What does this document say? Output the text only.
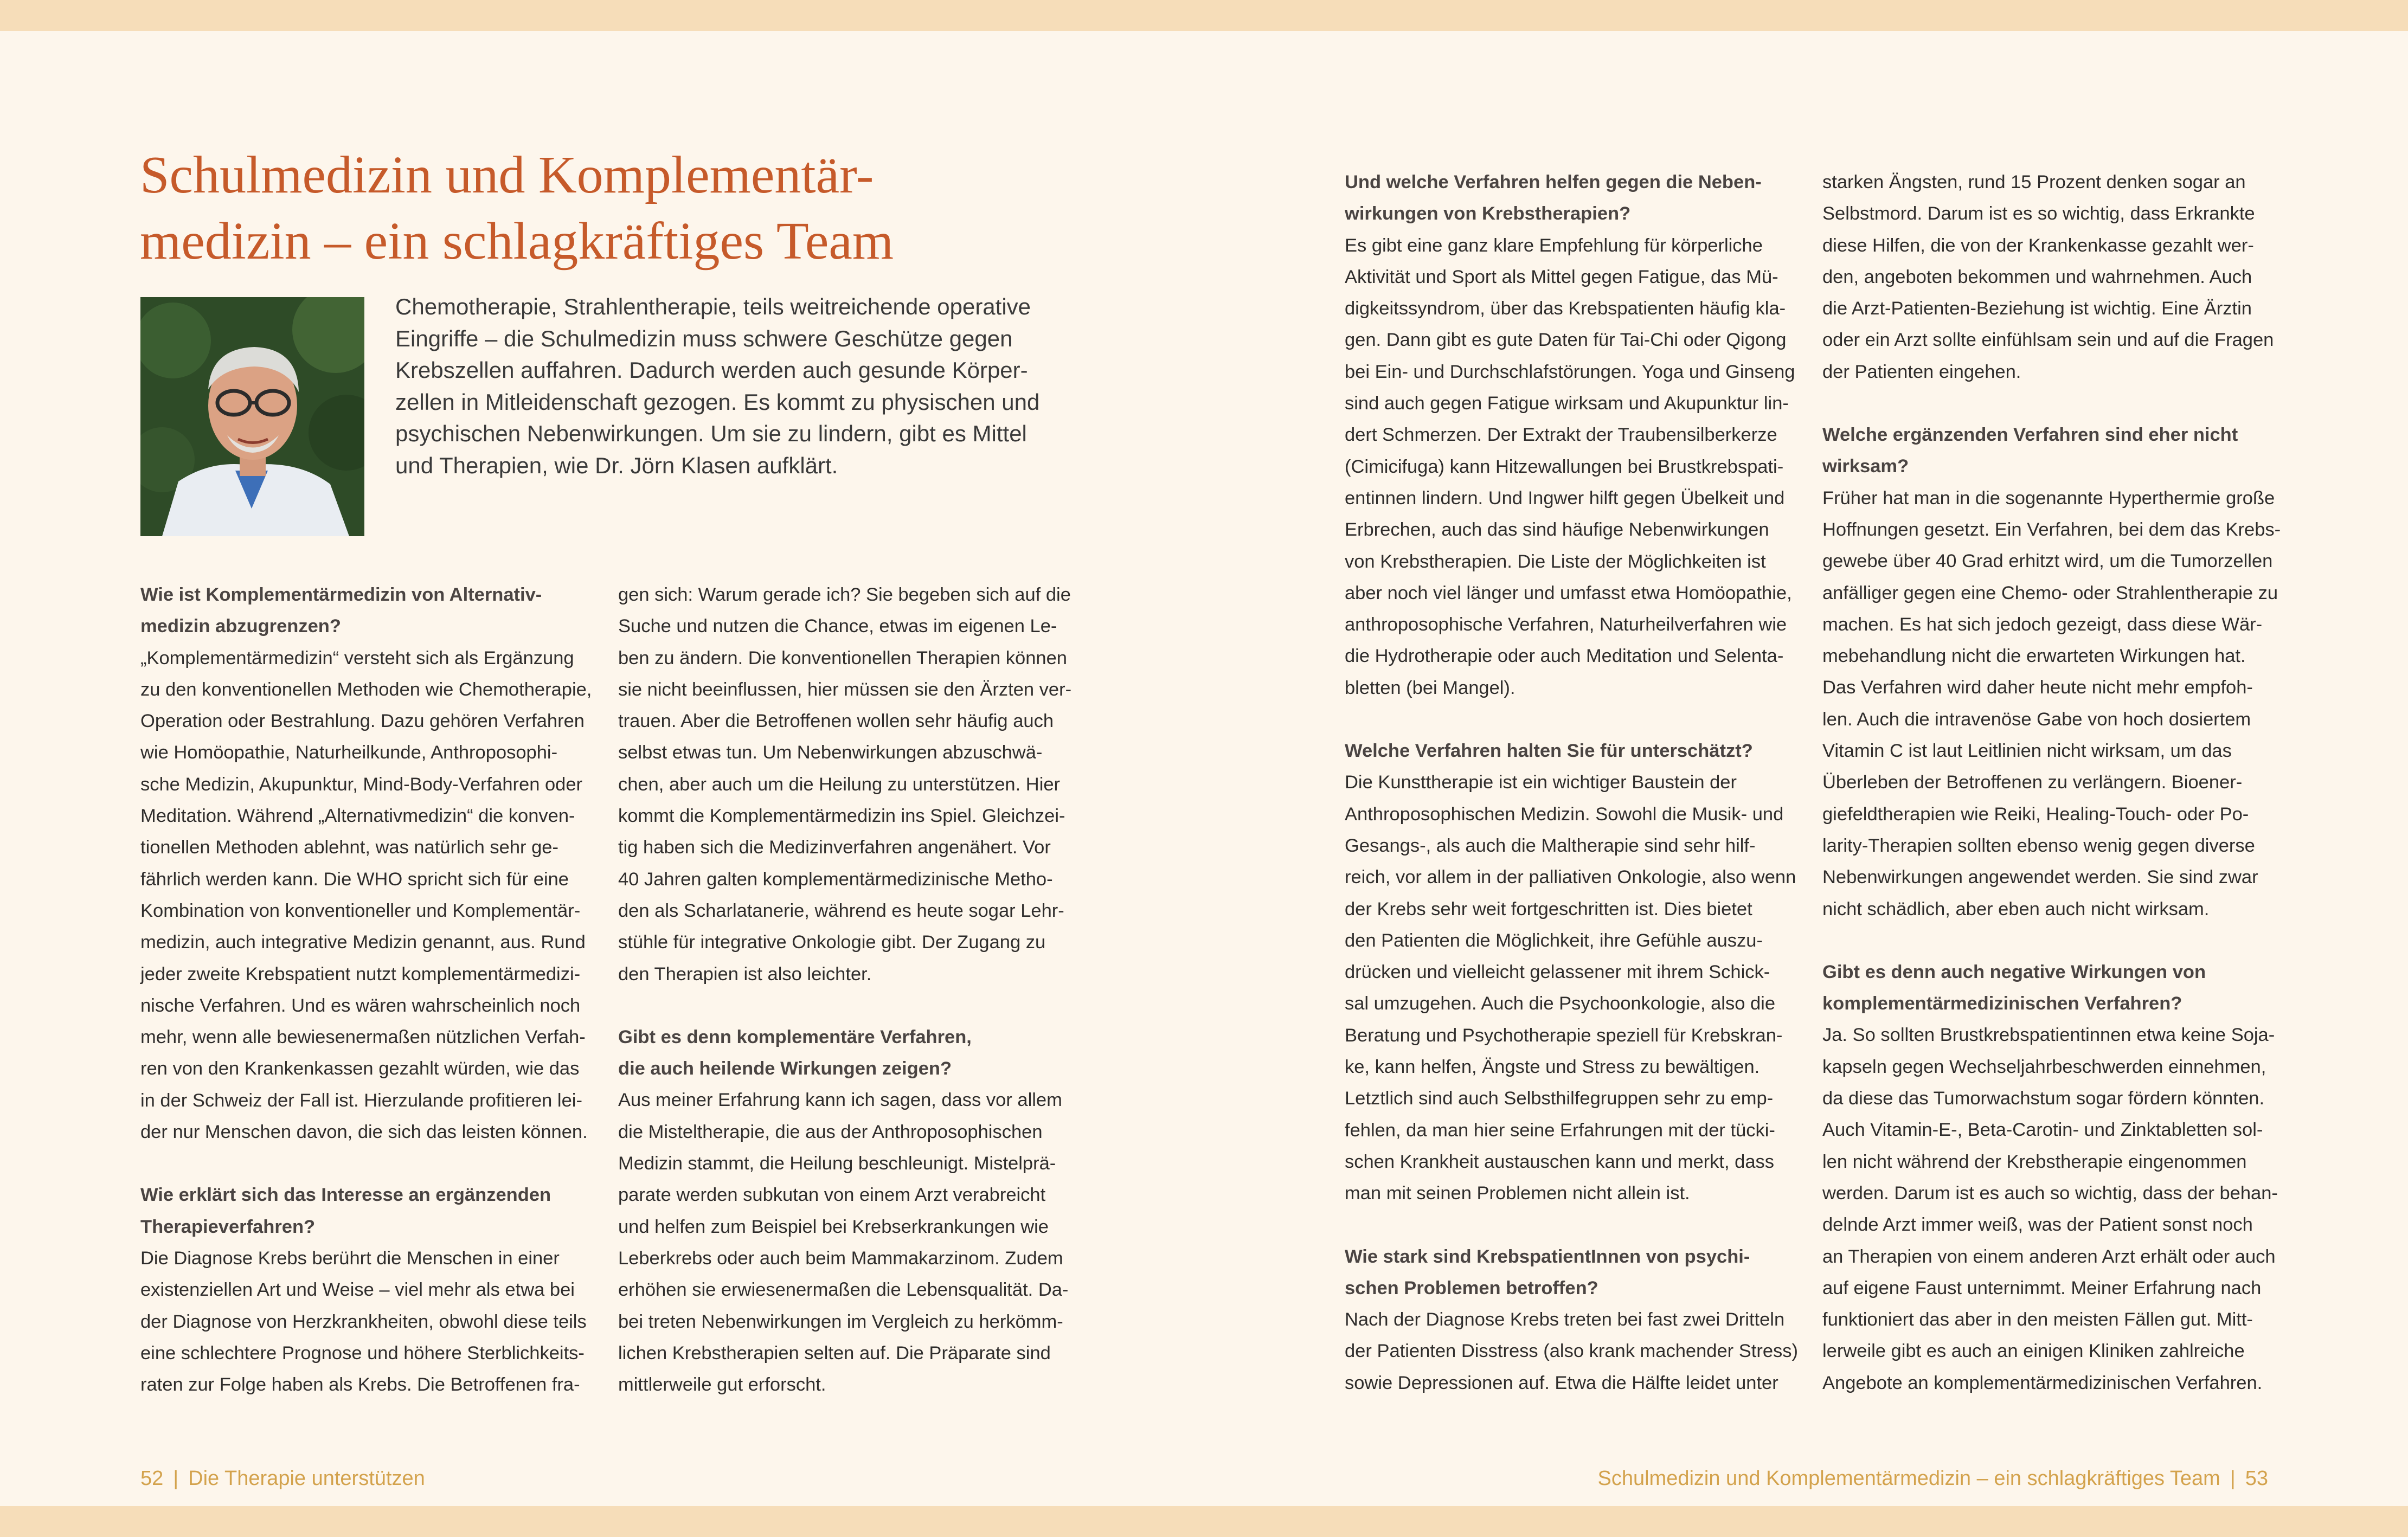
Schulmedizin und Komplementär-
medizin – ein schlagkräftiges Team
Chemotherapie, Strahlentherapie, teils weitreichende operative
Eingriffe – die Schulmedizin muss schwere Geschütze gegen
Krebszellen auffahren. Dadurch werden auch gesunde Körper-
zellen in Mitleidenschaft gezogen. Es kommt zu physischen und
psychischen Nebenwirkungen. Um sie zu lindern, gibt es Mittel
und Therapien, wie Dr. Jörn Klasen aufklärt.
Wie ist Komplementärmedizin von Alternativ-
medizin abzugrenzen?
„Komplementärmedizin“ versteht sich als Ergänzung
zu den konventionellen Methoden wie Chemotherapie,
Operation oder Bestrahlung. Dazu gehören Verfahren
wie Homöopathie, Naturheilkunde, Anthroposophi-
sche Medizin, Akupunktur, Mind-Body-Verfahren oder
Meditation. Während „Alternativmedizin“ die konven-
tionellen Methoden ablehnt, was natürlich sehr ge-
fährlich werden kann. Die WHO spricht sich für eine
Kombination von konventioneller und Komplementär-
medizin, auch integrative Medizin genannt, aus. Rund
jeder zweite Krebspatient nutzt komplementärmedizi-
nische Verfahren. Und es wären wahrscheinlich noch
mehr, wenn alle bewiesenermaßen nützlichen Verfah-
ren von den Krankenkassen gezahlt würden, wie das
in der Schweiz der Fall ist. Hierzulande profitieren lei-
der nur Menschen davon, die sich das leisten können.
Wie erklärt sich das Interesse an ergänzenden
Therapieverfahren?
Die Diagnose Krebs berührt die Menschen in einer
existenziellen Art und Weise – viel mehr als etwa bei
der Diagnose von Herzkrankheiten, obwohl diese teils
eine schlechtere Prognose und höhere Sterblichkeits-
raten zur Folge haben als Krebs. Die Betroffenen fra-
gen sich: Warum gerade ich? Sie begeben sich auf die
Suche und nutzen die Chance, etwas im eigenen Le-
ben zu ändern. Die konventionellen Therapien können
sie nicht beeinflussen, hier müssen sie den Ärzten ver-
trauen. Aber die Betroffenen wollen sehr häufig auch
selbst etwas tun. Um Nebenwirkungen abzuschwä-
chen, aber auch um die Heilung zu unterstützen. Hier
kommt die Komplementärmedizin ins Spiel. Gleichzei-
tig haben sich die Medizinverfahren angenähert. Vor
40 Jahren galten komplementärmedizinische Metho-
den als Scharlatanerie, während es heute sogar Lehr-
stühle für integrative Onkologie gibt. Der Zugang zu
den Therapien ist also leichter.
Gibt es denn komplementäre Verfahren,
die auch heilende Wirkungen zeigen?
Aus meiner Erfahrung kann ich sagen, dass vor allem
die Misteltherapie, die aus der Anthroposophischen
Medizin stammt, die Heilung beschleunigt. Mistelprä-
parate werden subkutan von einem Arzt verabreicht
und helfen zum Beispiel bei Krebserkrankungen wie
Leberkrebs oder auch beim Mammakarzinom. Zudem
erhöhen sie erwiesenermaßen die Lebensqualität. Da-
bei treten Nebenwirkungen im Vergleich zu herkömm-
lichen Krebstherapien selten auf. Die Präparate sind
mittlerweile gut erforscht.
52 | Die Therapie unterstützen
Und welche Verfahren helfen gegen die Neben-
wirkungen von Krebstherapien?
Es gibt eine ganz klare Empfehlung für körperliche
Aktivität und Sport als Mittel gegen Fatigue, das Mü-
digkeitssyndrom, über das Krebspatienten häufig kla-
gen. Dann gibt es gute Daten für Tai-Chi oder Qigong
bei Ein- und Durchschlafstörungen. Yoga und Ginseng
sind auch gegen Fatigue wirksam und Akupunktur lin-
dert Schmerzen. Der Extrakt der Traubensilberkerze
(Cimicifuga) kann Hitzewallungen bei Brustkrebspati-
entinnen lindern. Und Ingwer hilft gegen Übelkeit und
Erbrechen, auch das sind häufige Nebenwirkungen
von Krebstherapien. Die Liste der Möglichkeiten ist
aber noch viel länger und umfasst etwa Homöopathie,
anthroposophische Verfahren, Naturheilverfahren wie
die Hydrotherapie oder auch Meditation und Selenta-
bletten (bei Mangel).
Welche Verfahren halten Sie für unterschätzt?
Die Kunsttherapie ist ein wichtiger Baustein der
Anthroposophischen Medizin. Sowohl die Musik- und
Gesangs-, als auch die Maltherapie sind sehr hilf-
reich, vor allem in der palliativen Onkologie, also wenn
der Krebs sehr weit fortgeschritten ist. Dies bietet
den Patienten die Möglichkeit, ihre Gefühle auszu-
drücken und vielleicht gelassener mit ihrem Schick-
sal umzugehen. Auch die Psychoonkologie, also die
Beratung und Psychotherapie speziell für Krebskran-
ke, kann helfen, Ängste und Stress zu bewältigen.
Letztlich sind auch Selbsthilfegruppen sehr zu emp-
fehlen, da man hier seine Erfahrungen mit der tücki-
schen Krankheit austauschen kann und merkt, dass
man mit seinen Problemen nicht allein ist.
Wie stark sind KrebspatientInnen von psychi-
schen Problemen betroffen?
Nach der Diagnose Krebs treten bei fast zwei Dritteln
der Patienten Disstress (also krank machender Stress)
sowie Depressionen auf. Etwa die Hälfte leidet unter
starken Ängsten, rund 15 Prozent denken sogar an
Selbstmord. Darum ist es so wichtig, dass Erkrankte
diese Hilfen, die von der Krankenkasse gezahlt wer-
den, angeboten bekommen und wahrnehmen. Auch
die Arzt-Patienten-Beziehung ist wichtig. Eine Ärztin
oder ein Arzt sollte einfühlsam sein und auf die Fragen
der Patienten eingehen.
Welche ergänzenden Verfahren sind eher nicht
wirksam?
Früher hat man in die sogenannte Hyperthermie große
Hoffnungen gesetzt. Ein Verfahren, bei dem das Krebs-
gewebe über 40 Grad erhitzt wird, um die Tumorzellen
anfälliger gegen eine Chemo- oder Strahlentherapie zu
machen. Es hat sich jedoch gezeigt, dass diese Wär-
mebehandlung nicht die erwarteten Wirkungen hat.
Das Verfahren wird daher heute nicht mehr empfoh-
len. Auch die intravenöse Gabe von hoch dosiertem
Vitamin C ist laut Leitlinien nicht wirksam, um das
Überleben der Betroffenen zu verlängern. Bioener-
giefeldtherapien wie Reiki, Healing-Touch- oder Po-
larity-Therapien sollten ebenso wenig gegen diverse
Nebenwirkungen angewendet werden. Sie sind zwar
nicht schädlich, aber eben auch nicht wirksam.
Gibt es denn auch negative Wirkungen von
komplementärmedizinischen Verfahren?
Ja. So sollten Brustkrebspatientinnen etwa keine Soja-
kapseln gegen Wechseljahrbeschwerden einnehmen,
da diese das Tumorwachstum sogar fördern könnten.
Auch Vitamin-E-, Beta-Carotin- und Zinktabletten sol-
len nicht während der Krebstherapie eingenommen
werden. Darum ist es auch so wichtig, dass der behan-
delnde Arzt immer weiß, was der Patient sonst noch
an Therapien von einem anderen Arzt erhält oder auch
auf eigene Faust unternimmt. Meiner Erfahrung nach
funktioniert das aber in den meisten Fällen gut. Mitt-
lerweile gibt es auch an einigen Kliniken zahlreiche
Angebote an komplementärmedizinischen Verfahren.
Schulmedizin und Komplementärmedizin – ein schlagkräftiges Team | 53
